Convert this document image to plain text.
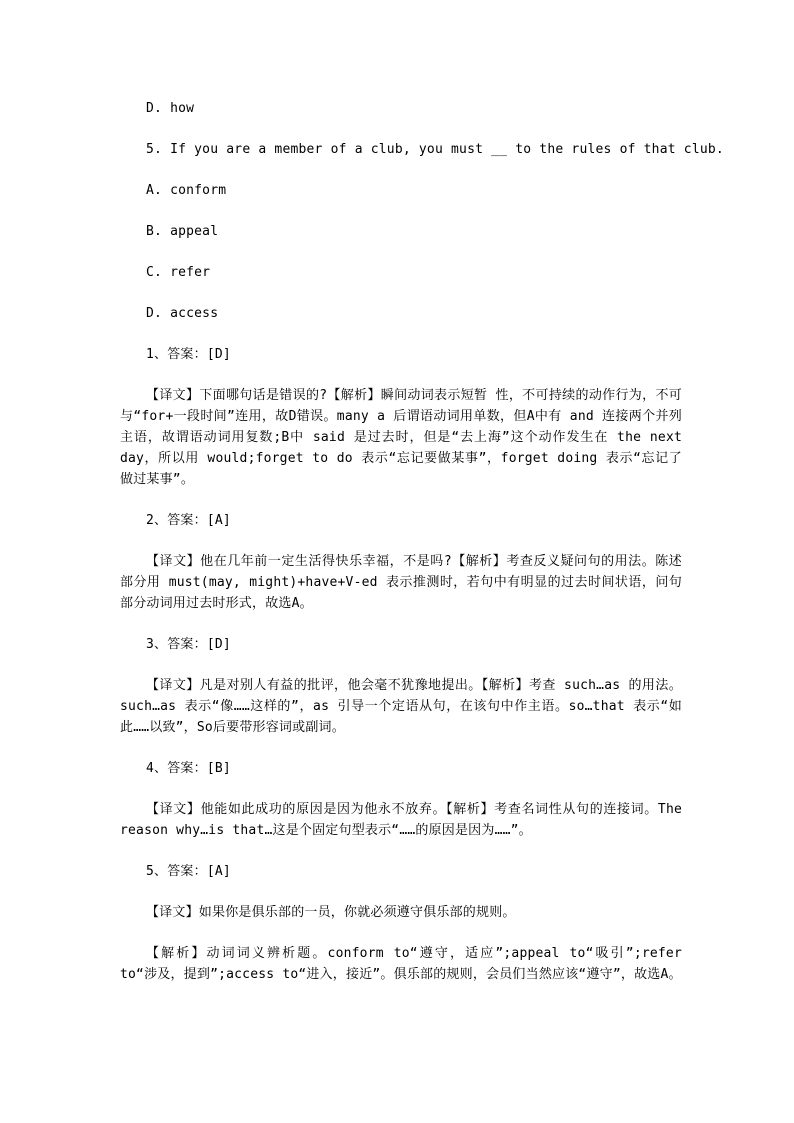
D. how
5. If you are a member of a club, you must __ to the rules of that club.
A. conform
B. appeal
C. refer
D. access
1、答案：[D]
【译文】下面哪句话是错误的?【解析】瞬间动词表示短暂 性，不可持续的动作行为，不可与“for+一段时间”连用，故D错误。many a 后谓语动词用单数，但A中有 and 连接两个并列主语，故谓语动词用复数;B中 said 是过去时，但是“去上海”这个动作发生在 the next day，所以用 would;forget to do 表示“忘记要做某事”，forget doing 表示“忘记了做过某事”。
2、答案：[A]
【译文】他在几年前一定生活得快乐幸福，不是吗?【解析】考查反义疑问句的用法。陈述部分用 must(may, might)+have+V-ed 表示推测时，若句中有明显的过去时间状语，问句部分动词用过去时形式，故选A。
3、答案：[D]
【译文】凡是对别人有益的批评，他会毫不犹豫地提出。【解析】考查 such…as 的用法。such…as 表示“像……这样的”，as 引导一个定语从句，在该句中作主语。so…that 表示“如此……以致”，So后要带形容词或副词。
4、答案：[B]
【译文】他能如此成功的原因是因为他永不放弃。【解析】考查名词性从句的连接词。The reason why…is that…这是个固定句型表示“……的原因是因为……”。
5、答案：[A]
【译文】如果你是俱乐部的一员，你就必须遵守俱乐部的规则。
【解析】动词词义辨析题。conform to“遵守，适应”;appeal to“吸引”;refer to“涉及，提到”;access to“进入，接近”。俱乐部的规则，会员们当然应该“遵守”，故选A。
